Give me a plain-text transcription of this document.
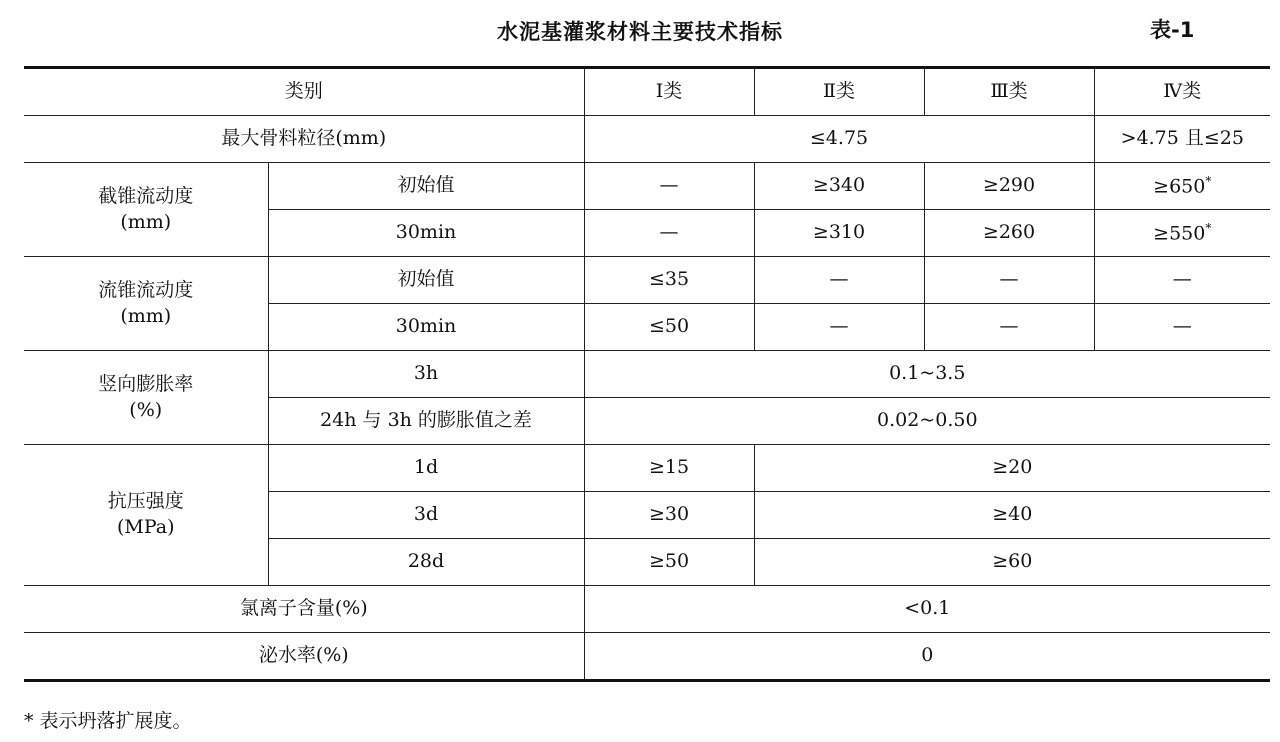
水泥基灌浆材料主要技术指标	表-1
类别		Ⅰ类	Ⅱ类	Ⅲ类	Ⅳ类
最大骨料粒径(mm)		≤4.75			>4.75 且≤25

截锥流动度
(mm)	初始值	—	≥340	≥290	≥650*
	30min	—	≥310	≥260	≥550*

流锥流动度
(mm)	初始值	≤35	—	—	—
	30min	≤50	—	—	—

竖向膨胀率
(%)	3h	0.1~3.5			
	24h 与 3h 的膨胀值之差	0.02~0.50			

抗压强度
(MPa)	1d	≥15	≥20		
	3d	≥30	≥40		
	28d	≥50	≥60		
氯离子含量(%)		<0.1			
泌水率(%)		0			
* 表示坍落扩展度。
